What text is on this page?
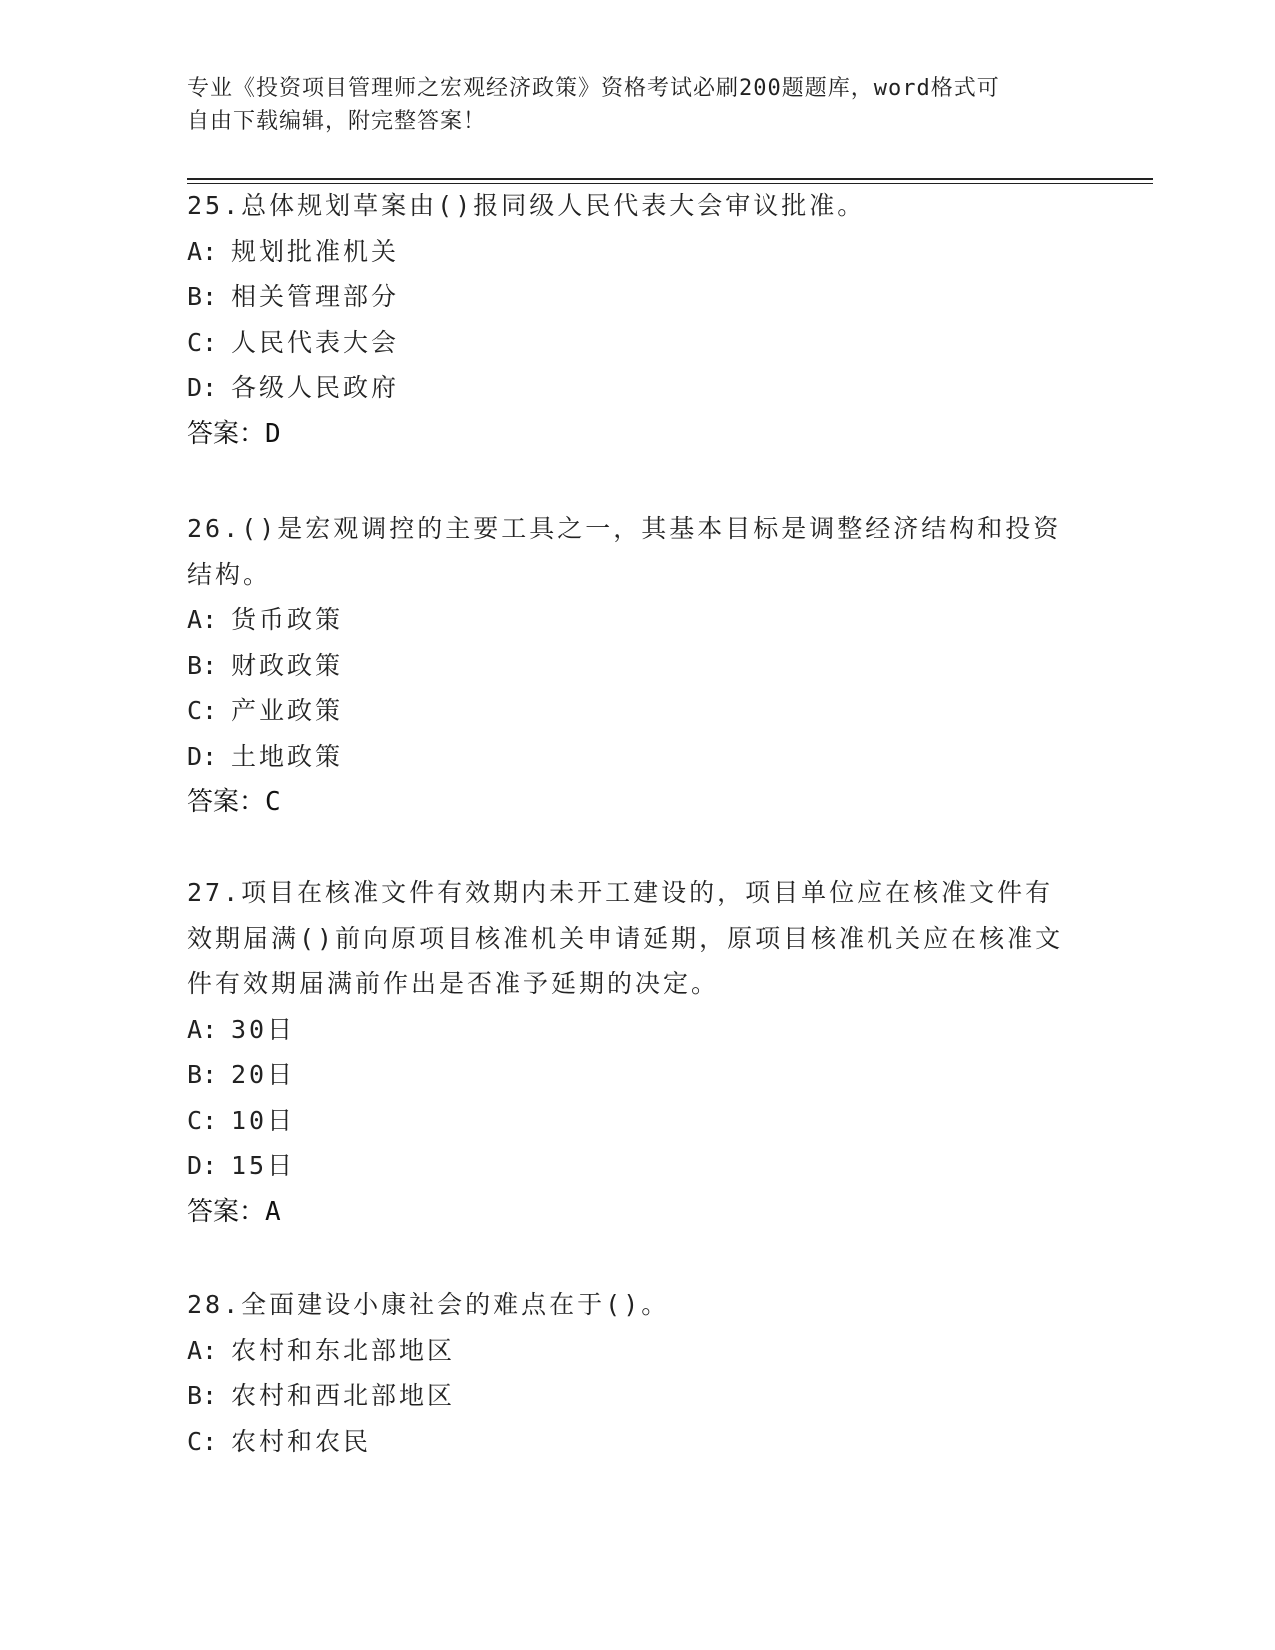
专业《投资项目管理师之宏观经济政策》资格考试必刷200题题库，word格式可
自由下载编辑，附完整答案！

25.总体规划草案由()报同级人民代表大会审议批准。

A: 规划批准机关

B: 相关管理部分

C: 人民代表大会

D: 各级人民政府

答案：D

26.()是宏观调控的主要工具之一，其基本目标是调整经济结构和投资结构。

A: 货币政策

B: 财政政策

C: 产业政策

D: 土地政策

答案：C

27.项目在核准文件有效期内未开工建设的，项目单位应在核准文件有效期届满()前向原项目核准机关申请延期，原项目核准机关应在核准文件有效期届满前作出是否准予延期的决定。

A: 30日

B: 20日

C: 10日

D: 15日

答案：A

28.全面建设小康社会的难点在于()。

A: 农村和东北部地区

B: 农村和西北部地区

C: 农村和农民
